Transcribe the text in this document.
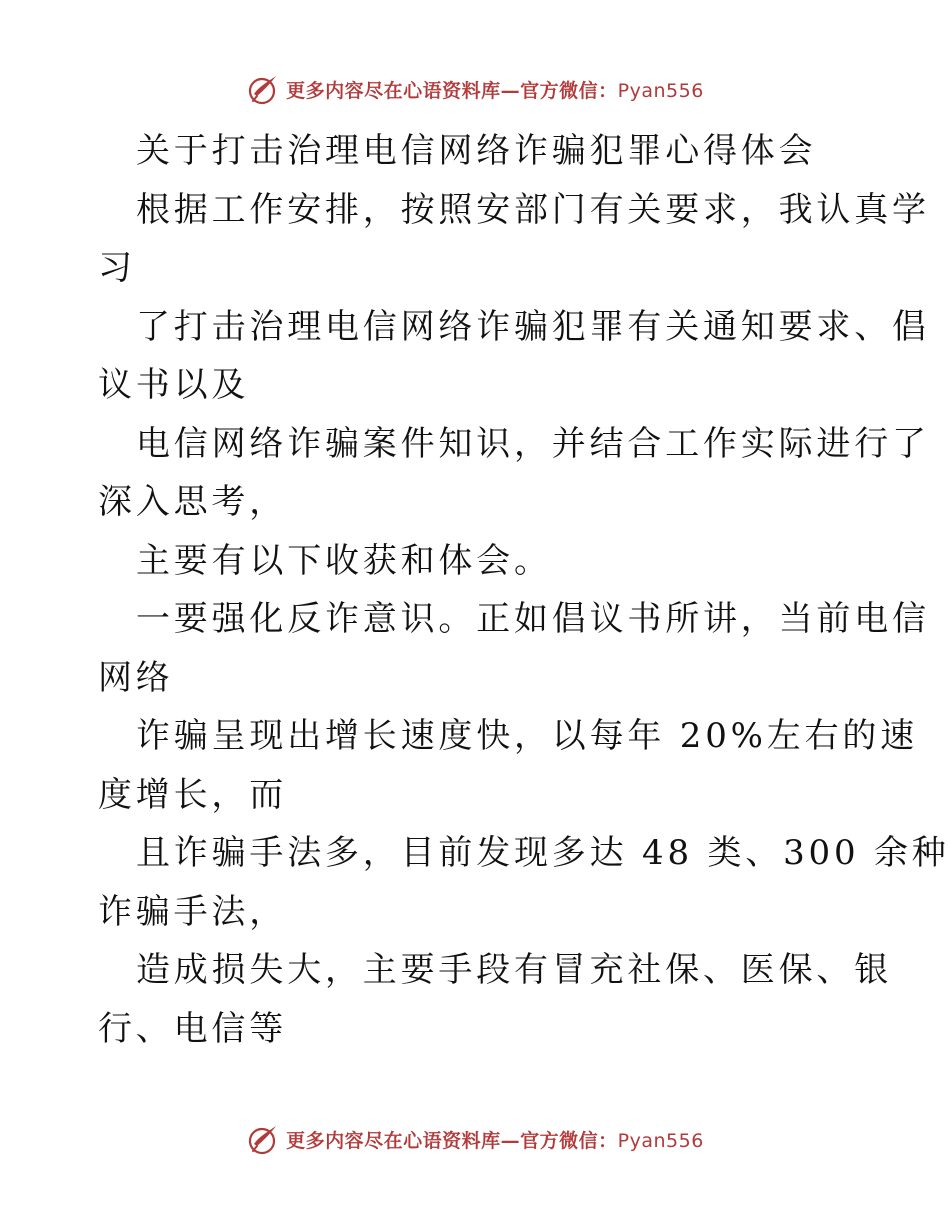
更多内容尽在心语资料库—官方微信：Pyan556
关于打击治理电信网络诈骗犯罪心得体会
根据工作安排，按照安部门有关要求，我认真学
习
了打击治理电信网络诈骗犯罪有关通知要求、倡
议书以及
电信网络诈骗案件知识，并结合工作实际进行了
深入思考，
主要有以下收获和体会。
一要强化反诈意识。正如倡议书所讲，当前电信
网络
诈骗呈现出增长速度快，以每年 20%左右的速
度增长，而
且诈骗手法多，目前发现多达 48 类、300 余种
诈骗手法，
造成损失大，主要手段有冒充社保、医保、银
行、电信等
更多内容尽在心语资料库—官方微信：Pyan556
